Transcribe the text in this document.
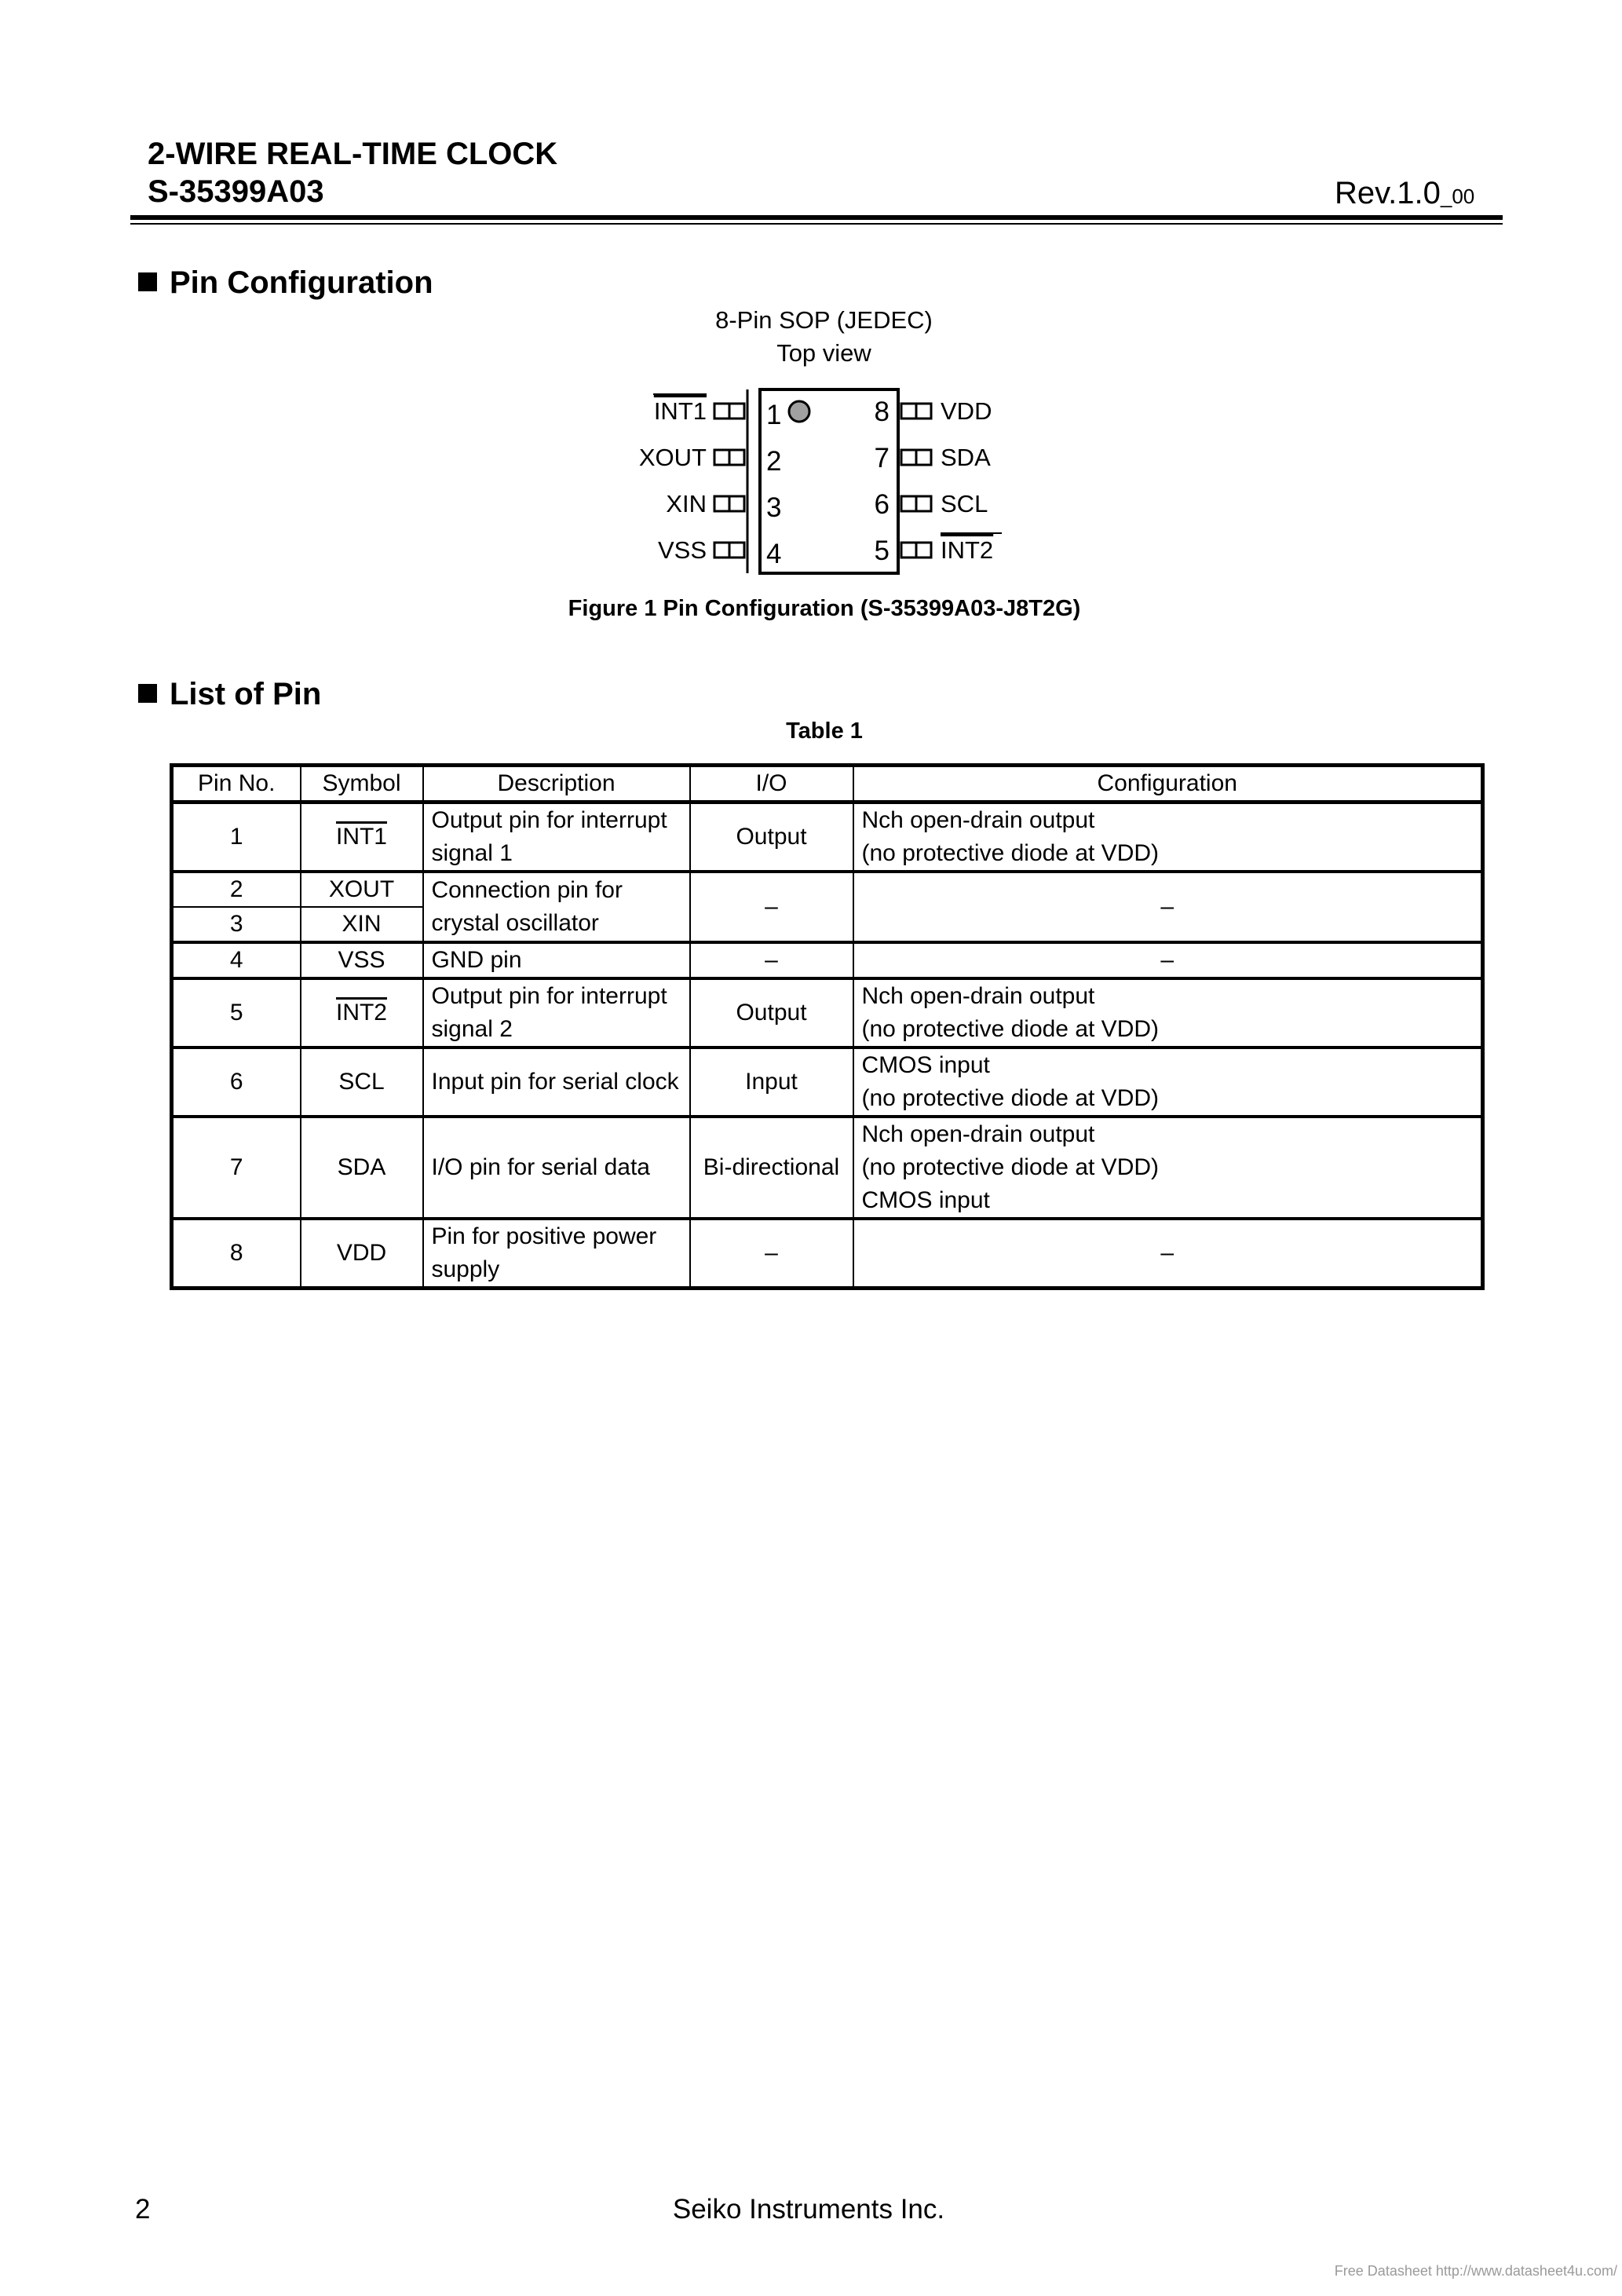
2-WIRE REAL-TIME CLOCK
S-35399A03	Rev.1.0_00
Pin Configuration
8-Pin SOP (JEDEC)
Top view
INT1 1
XOUT 2
XIN 3
VSS 4
VDD
8
SDA
7
SCL
6
INT2
5
Figure 1 Pin Configuration (S-35399A03-J8T2G)
List of Pin
Table 1
Pin No.	Symbol	Description	I/O	Configuration
1	INT1	Output pin for interrupt signal 1	Output	Nch open-drain output
(no protective diode at VDD)
2	XOUT	Connection pin for crystal oscillator	–	–
3	XIN			
4	VSS	GND pin	–	–
5	INT2	Output pin for interrupt signal 2	Output	Nch open-drain output
(no protective diode at VDD)
6	SCL	Input pin for serial clock	Input	CMOS input
(no protective diode at VDD)
7	SDA	I/O pin for serial data	Bi-directional	Nch open-drain output
(no protective diode at VDD)
CMOS input
8	VDD	Pin for positive power supply	–	–
2	Seiko Instruments Inc.
Free Datasheet http://www.datasheet4u.com/
